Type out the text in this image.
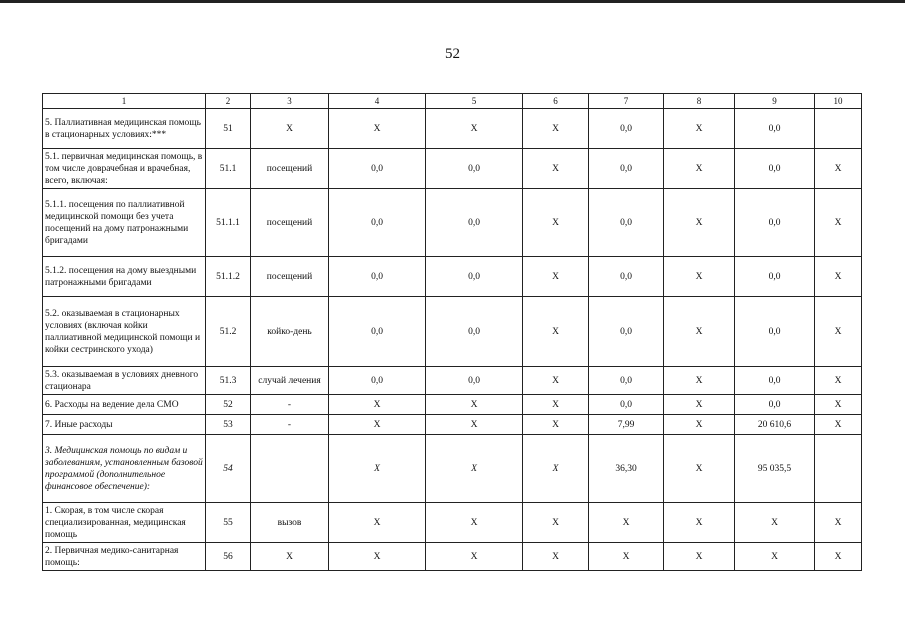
52
1	2	3	4	5	6	7	8	9	10
5. Паллиативная медицинская помощь в стационарных условиях:***	51	X	X	X	X	0,0	X	0,0	
5.1. первичная медицинская помощь, в том числе доврачебная и врачебная, всего, включая:	51.1	посещений	0,0	0,0	X	0,0	X	0,0	X
5.1.1. посещения по паллиативной медицинской помощи без учета посещений на дому патронажными бригадами	51.1.1	посещений	0,0	0,0	X	0,0	X	0,0	X
5.1.2. посещения на дому выездными патронажными бригадами	51.1.2	посещений	0,0	0,0	X	0,0	X	0,0	X
5.2. оказываемая в стационарных условиях (включая койки паллиативной медицинской помощи и койки сестринского ухода)	51.2	койко-день	0,0	0,0	X	0,0	X	0,0	X
5.3. оказываемая в условиях дневного стационара	51.3	случай лечения	0,0	0,0	X	0,0	X	0,0	X
6. Расходы на ведение дела СМО	52	-	X	X	X	0,0	X	0,0	X
7. Иные расходы	53	-	X	X	X	7,99	X	20 610,6	X
3. Медицинская помощь по видам и заболеваниям, установленным базовой программой (дополнительное финансовое обеспечение):	54		X	X	X	36,30	X	95 035,5	
1. Скорая, в том числе скорая специализированная, медицинская помощь	55	вызов	X	X	X	X	X	X	X
2. Первичная медико-санитарная помощь:	56	X	X	X	X	X	X	X	X
